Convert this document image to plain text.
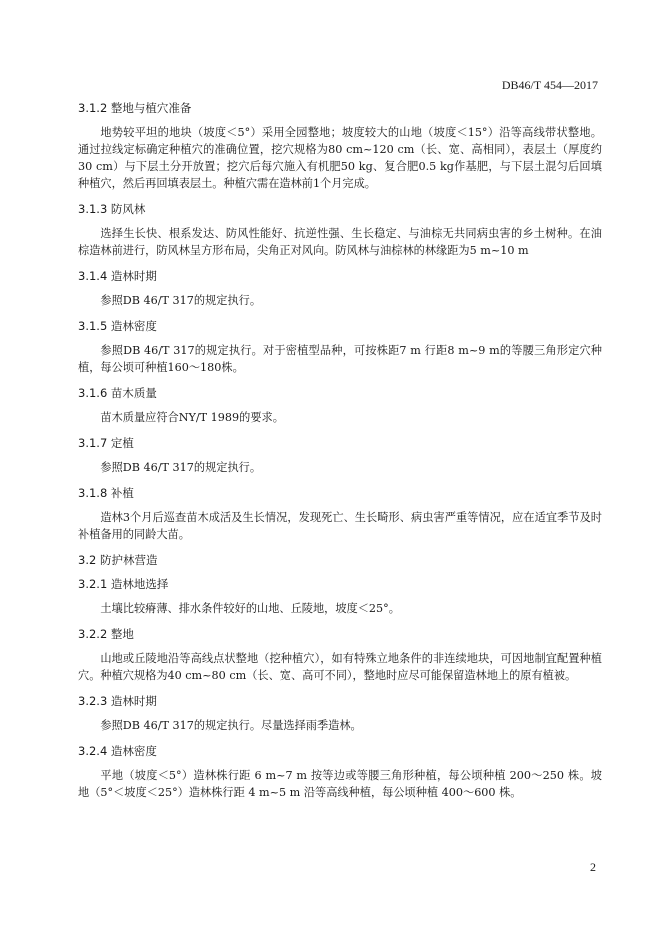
DB46/T 454—2017
3.1.2 整地与植穴准备

地势较平坦的地块（坡度＜5°）采用全园整地；坡度较大的山地（坡度＜15°）沿等高线带状整地。通过拉线定标确定种植穴的准确位置，挖穴规格为80 cm~120 cm（长、宽、高相同），表层土（厚度约30 cm）与下层土分开放置；挖穴后每穴施入有机肥50 kg、复合肥0.5 kg作基肥，与下层土混匀后回填种植穴，然后再回填表层土。种植穴需在造林前1个月完成。

3.1.3 防风林

选择生长快、根系发达、防风性能好、抗逆性强、生长稳定、与油棕无共同病虫害的乡土树种。在油棕造林前进行，防风林呈方形布局，尖角正对风向。防风林与油棕林的林缘距为5 m~10 m

3.1.4 造林时期

参照DB 46/T 317的规定执行。

3.1.5 造林密度

参照DB 46/T 317的规定执行。对于密植型品种，可按株距7 m 行距8 m~9 m的等腰三角形定穴种植，每公顷可种植160～180株。

3.1.6 苗木质量

苗木质量应符合NY/T 1989的要求。

3.1.7 定植

参照DB 46/T 317的规定执行。

3.1.8 补植

造林3个月后巡查苗木成活及生长情况，发现死亡、生长畸形、病虫害严重等情况，应在适宜季节及时补植备用的同龄大苗。

3.2 防护林营造
3.2.1 造林地选择

土壤比较瘠薄、排水条件较好的山地、丘陵地，坡度＜25°。

3.2.2 整地

山地或丘陵地沿等高线点状整地（挖种植穴），如有特殊立地条件的非连续地块，可因地制宜配置种植穴。种植穴规格为40 cm~80 cm（长、宽、高可不同），整地时应尽可能保留造林地上的原有植被。

3.2.3 造林时期

参照DB 46/T 317的规定执行。尽量选择雨季造林。

3.2.4 造林密度

平地（坡度＜5°）造林株行距 6 m~7 m 按等边或等腰三角形种植，每公顷种植 200～250 株。坡地（5°＜坡度＜25°）造林株行距 4 m~5 m 沿等高线种植，每公顷种植 400～600 株。

2
